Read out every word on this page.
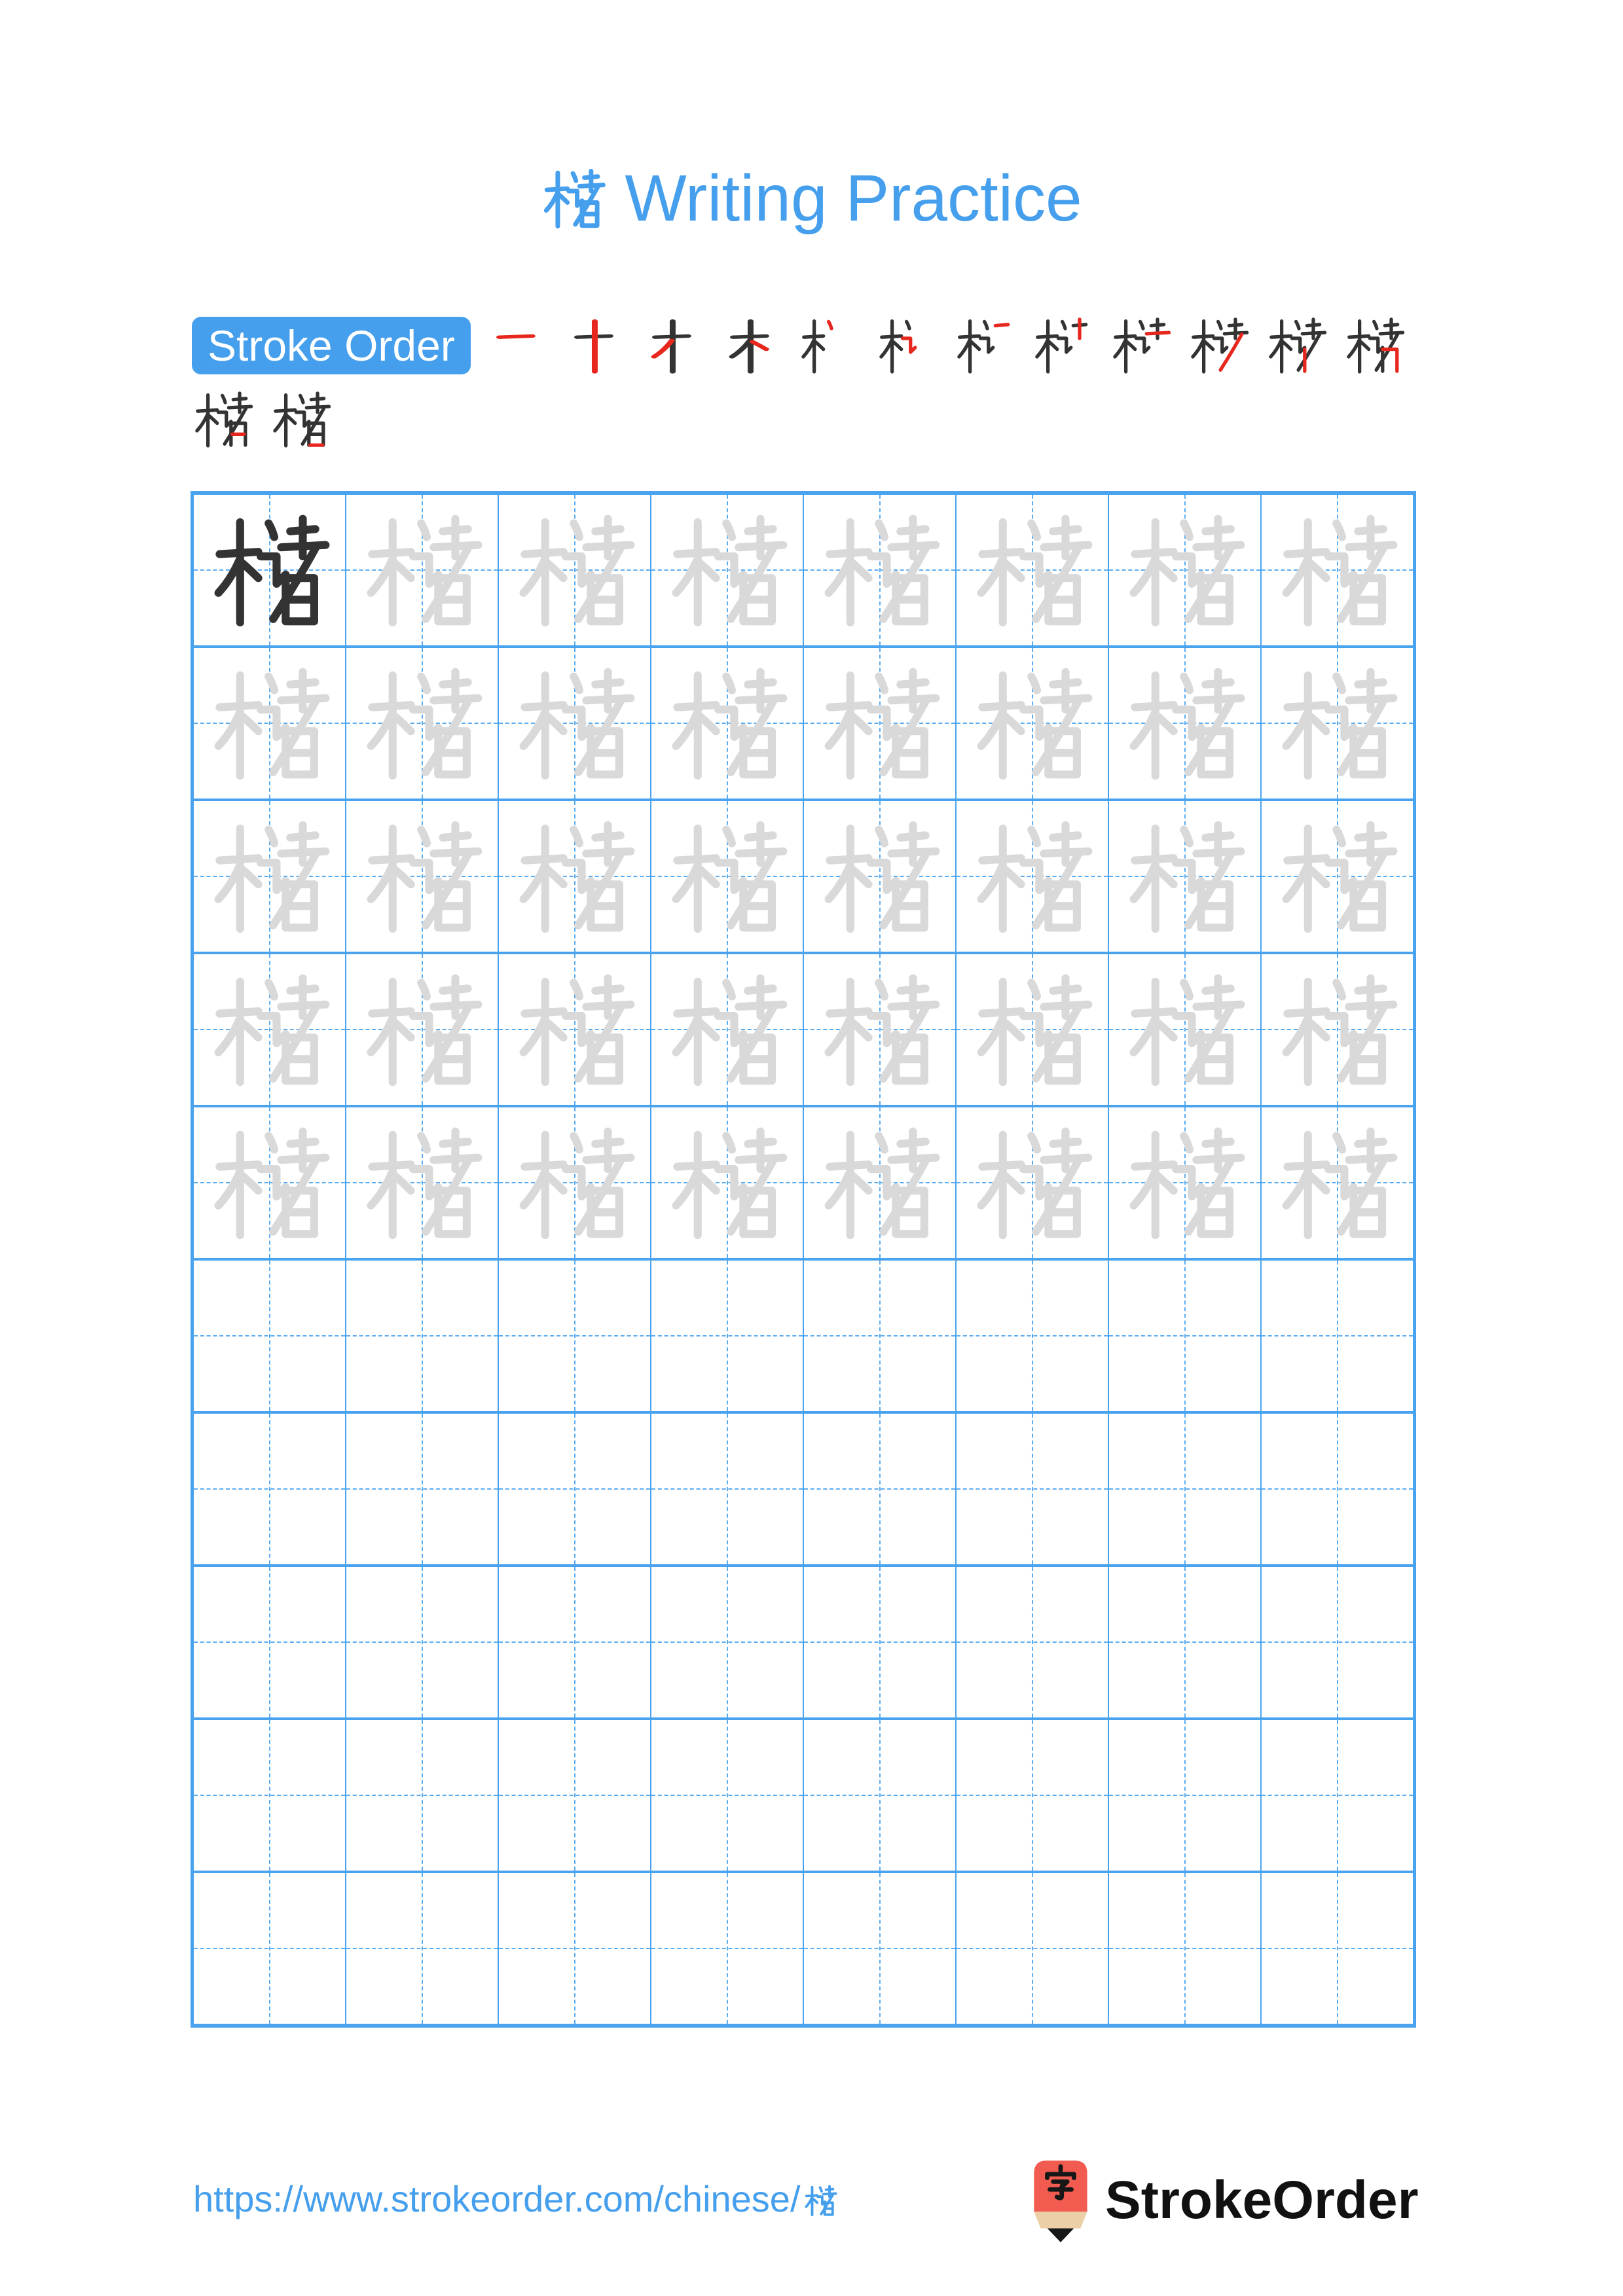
Writing Practice
Stroke Order
https://www.strokeorder.com/chinese/	StrokeOrder
